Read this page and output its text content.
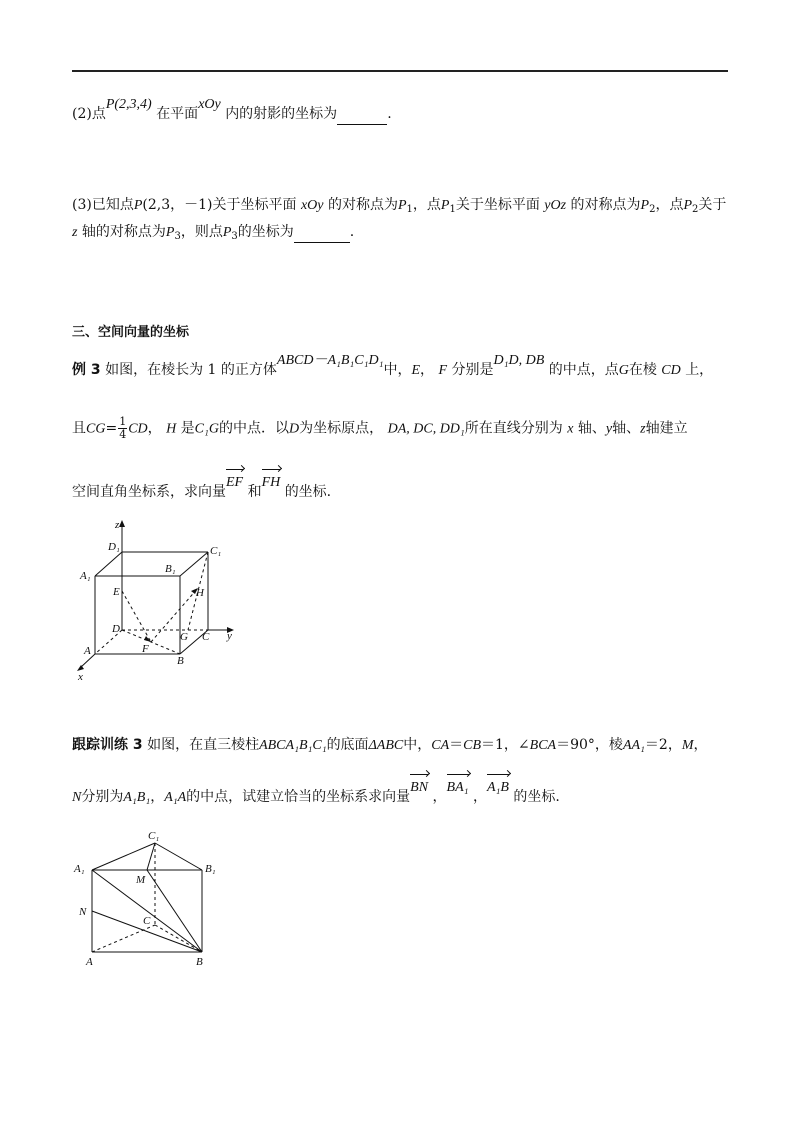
(2)点P(2,3,4) 在平面xOy 内的射影的坐标为	.
(3)已知点P(2,3，－1)关于坐标平面 xOy 的对称点为$P_1$，点$P_1$关于坐标平面 yOz 的对称点为$P_2$，点$P_2$关于
z 轴的对称点为$P_3$，则点$P_3$的坐标为	.
三、空间向量的坐标
例 3 如图，在棱长为 1 的正方体ABCD－A₁B₁C₁D₁中，E， F 分别是D₁D, DB 的中点，点G在棱 CD 上，
且$CG= \frac{1}{4}$ CD， H 是C₁G的中点．以D为坐标原点， DA, DC, DD₁所在直线分别为 x 轴、y轴、z轴建立
空间直角坐标系，求向量EF 和FH 的坐标.
z
D₁	C₁
A₁
B₁
E	H
D
G C y
F
A
B
x
跟踪训练 3 如图，在直三棱柱ABCA₁B₁C₁的底面ΔABC中，CA＝CB＝1，∠BCA＝90°，棱AA₁＝2，M，
N分别为A₁B₁，A₁A的中点，试建立恰当的坐标系求向量BN ，BA₁ ，A₁B 的坐标.
C₁
A₁	B₁
M
N
C
A	B
